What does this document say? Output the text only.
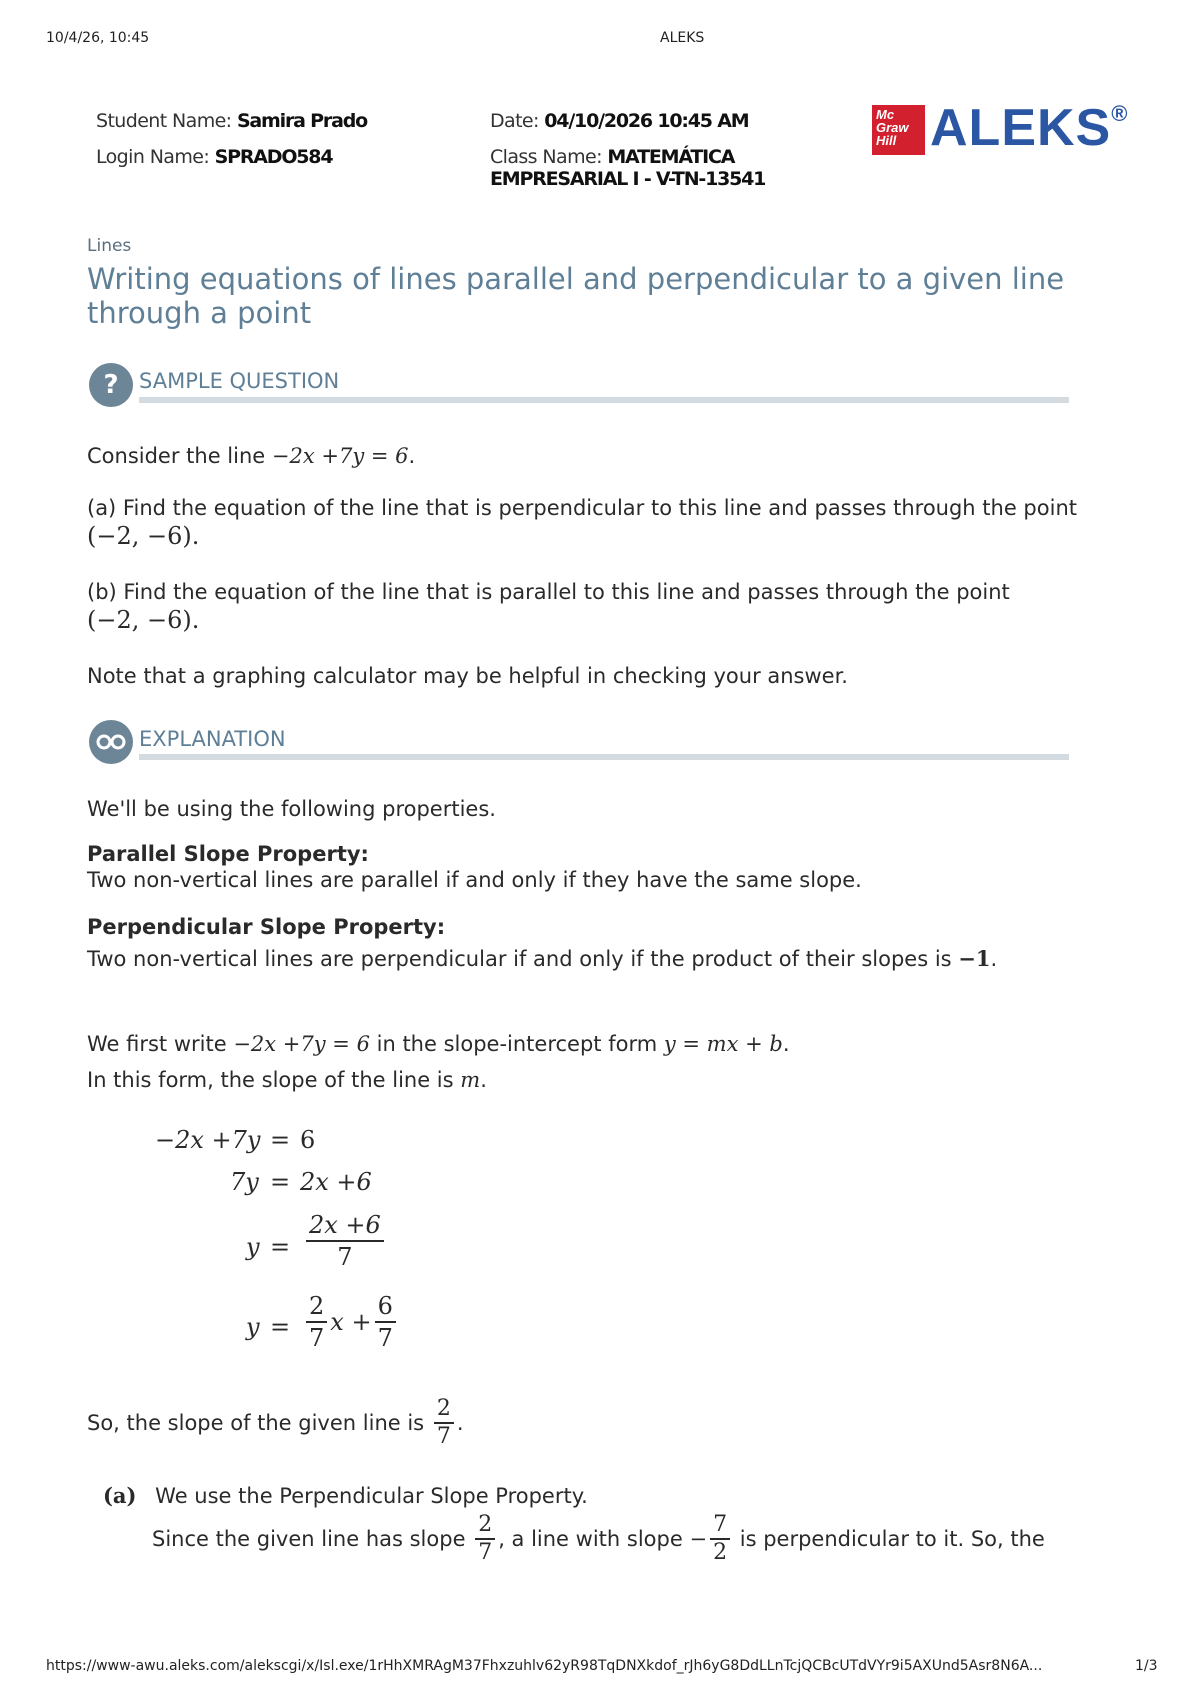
10/4/26, 10:45	ALEKS
Student Name: Samira Prado
Login Name: SPRADO584
Date: 04/10/2026 10:45 AM
Class Name: MATEMÁTICA
EMPRESARIAL I - V-TN-13541
Mc
Graw
Hill ALEKS®
Lines
Writing equations of lines parallel and perpendicular to a given line through a point
? SAMPLE QUESTION
Consider the line −2x +7y = 6.
(a) Find the equation of the line that is perpendicular to this line and passes through the point
(−2, −6).
(b) Find the equation of the line that is parallel to this line and passes through the point
(−2, −6).
Note that a graphing calculator may be helpful in checking your answer.
EXPLANATION
We'll be using the following properties.
Parallel Slope Property:
Two non-vertical lines are parallel if and only if they have the same slope.
Perpendicular Slope Property:
Two non-vertical lines are perpendicular if and only if the product of their slopes is −1.
We first write −2x +7y = 6 in the slope-intercept form y = mx + b.
In this form, the slope of the line is m.
−2x +7y = 6
7y = 2x +6
$y = \frac{2x +6}{7}$
$y = \frac{2}{7}$ $x + \frac{6}{7}$
So, the slope of the given line is $\frac{2}{7}$ .
(a) We use the Perpendicular Slope Property.
Since the given line has slope $\frac{2}{7}$ , a line with slope − $\frac{7}{2}$ is perpendicular to it. So, the
https://www-awu.aleks.com/alekscgi/x/Isl.exe/1rHhXMRAgM37Fhxzuhlv62yR98TqDNXkdof_rJh6yG8DdLLnTcjQCBcUTdVYr9i5AXUnd5Asr8N6A...	1/3
